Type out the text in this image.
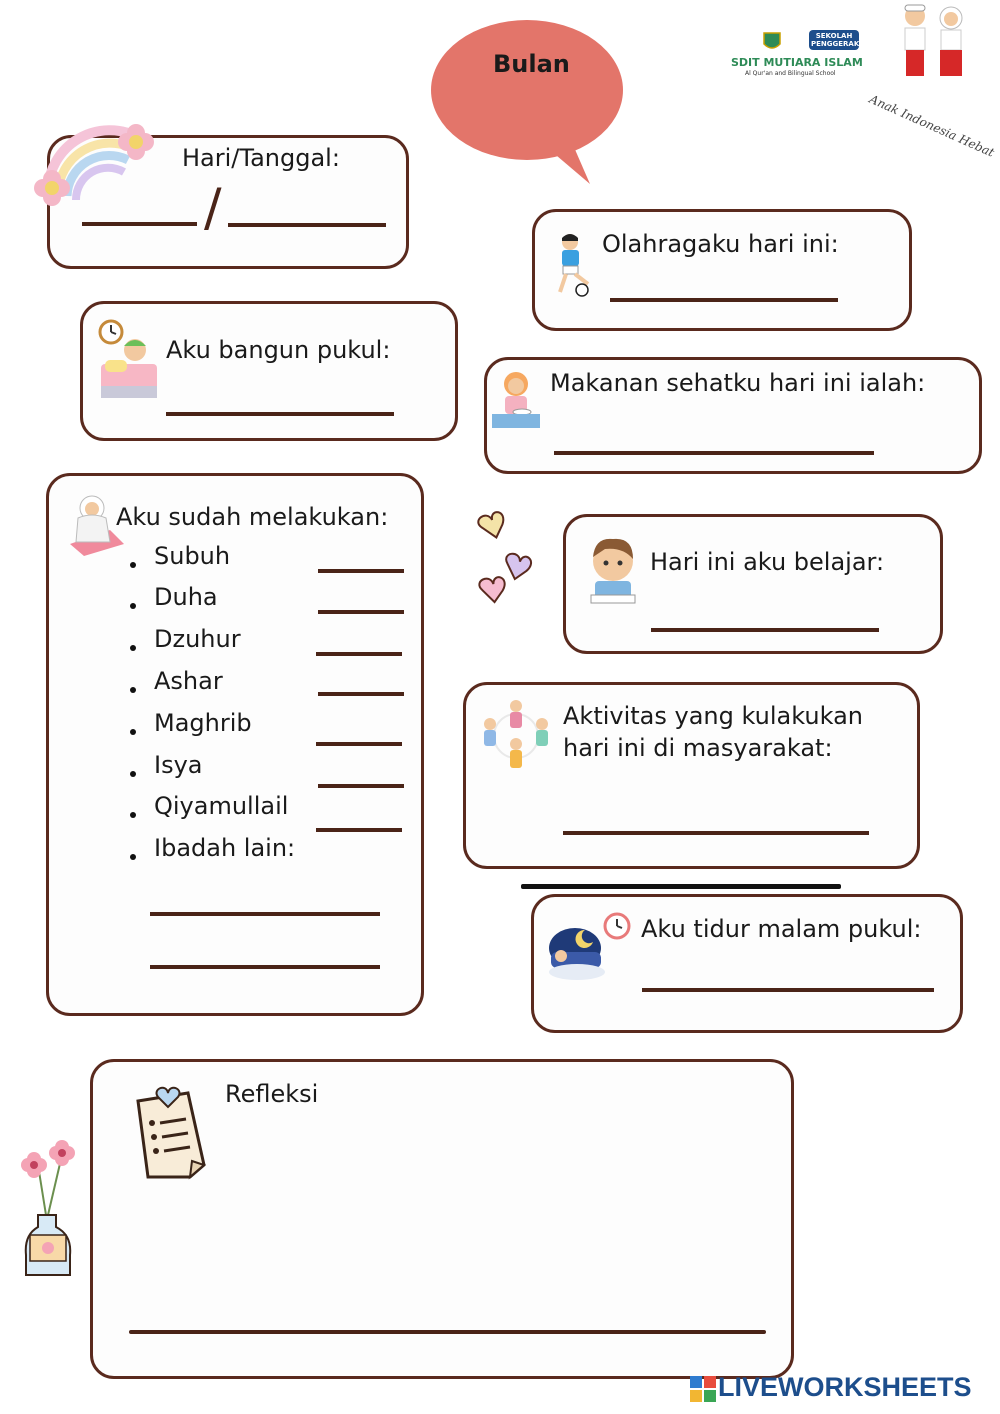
Bulan
SEKOLAH PENGGERAK
SDIT MUTIARA ISLAM
Al Qur'an and Bilingual School
Anak Indonesia Hebat
Hari/Tanggal:
/
Olahragaku hari ini:
Aku bangun pukul:
Makanan sehatku hari ini ialah:
Aku sudah melakukan:
Subuh
Duha
Dzuhur
Ashar
Maghrib
Isya
Qiyamullail
Ibadah lain:
Hari ini aku belajar:
Aktivitas yang kulakukan
hari ini di masyarakat:
Aku tidur malam pukul:
Refleksi
LIVEWORKSHEETS
